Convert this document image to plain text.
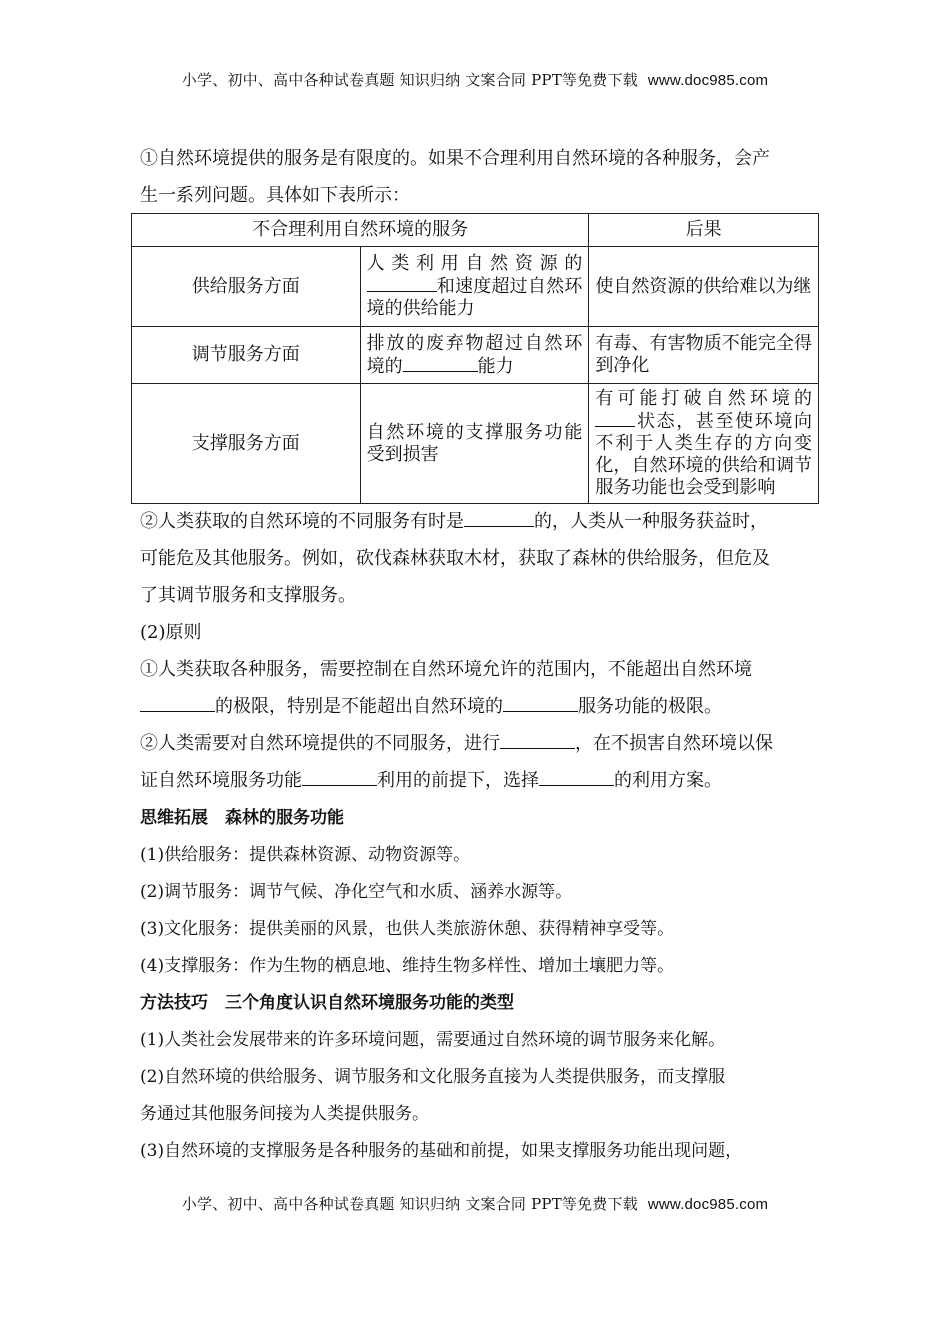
小学、初中、高中各种试卷真题 知识归纳 文案合同 PPT等免费下载 www.doc985.com

①自然环境提供的服务是有限度的。如果不合理利用自然环境的各种服务，会产

生一系列问题。具体如下表所示：

不合理利用自然环境的服务		后果
供给服务方面	人类利用自然资源的和速度超过自然环境的供给能力	使自然资源的供给难以为继
调节服务方面	排放的废弃物超过自然环境的 能力	有毒、有害物质不能完全得到净化
支撑服务方面	自然环境的支撑服务功能受到损害	有可能打破自然环境的状态，甚至使环境向不利于人类生存的方向变化，自然环境的供给和调节服务功能也会受到影响

②人类获取的自然环境的不同服务有时是	的，人类从一种服务获益时，

可能危及其他服务。例如，砍伐森林获取木材，获取了森林的供给服务，但危及

了其调节服务和支撑服务。

(2)原则

①人类获取各种服务，需要控制在自然环境允许的范围内，不能超出自然环境

的极限，特别是不能超出自然环境的	服务功能的极限。

②人类需要对自然环境提供的不同服务，进行	，在不损害自然环境以保

证自然环境服务功能	利用的前提下，选择	的利用方案。

思维拓展　森林的服务功能

(1)供给服务：提供森林资源、动物资源等。

(2)调节服务：调节气候、净化空气和水质、涵养水源等。

(3)文化服务：提供美丽的风景，也供人类旅游休憩、获得精神享受等。

(4)支撑服务：作为生物的栖息地、维持生物多样性、增加土壤肥力等。

方法技巧　三个角度认识自然环境服务功能的类型

(1)人类社会发展带来的许多环境问题，需要通过自然环境的调节服务来化解。

(2)自然环境的供给服务、调节服务和文化服务直接为人类提供服务，而支撑服

务通过其他服务间接为人类提供服务。

(3)自然环境的支撑服务是各种服务的基础和前提，如果支撑服务功能出现问题，

小学、初中、高中各种试卷真题 知识归纳 文案合同 PPT等免费下载 www.doc985.com
